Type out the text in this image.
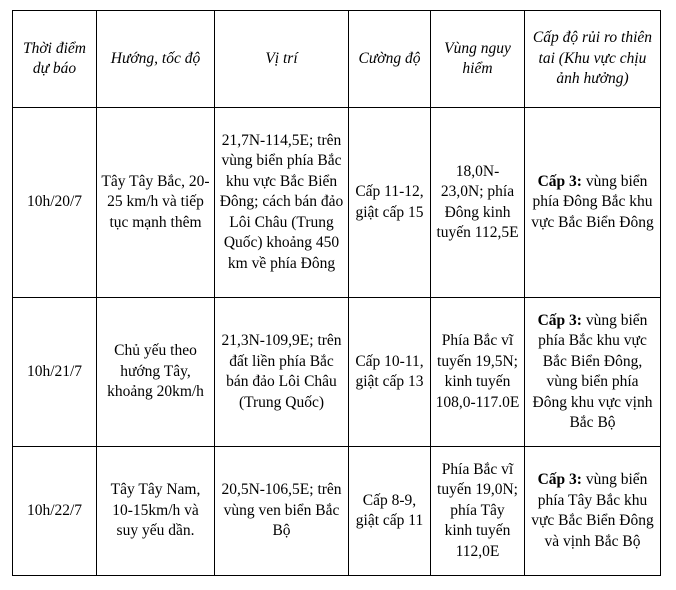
Thời điểm dự báo	Hướng, tốc độ	Vị trí	Cường độ	Vùng nguy hiểm	Cấp độ rủi ro thiên tai (Khu vực chịu ảnh hưởng)
10h/20/7	Tây Tây Bắc, 20-25 km/h và tiếp tục mạnh thêm	21,7N-114,5E; trên vùng biển phía Bắc khu vực Bắc Biển Đông; cách bán đảo Lôi Châu (Trung Quốc) khoảng 450 km về phía Đông	Cấp 11-12, giật cấp 15	18,0N-23,0N; phía Đông kinh tuyến 112,5E	Cấp 3: vùng biển phía Đông Bắc khu vực Bắc Biển Đông
10h/21/7	Chủ yếu theo hướng Tây, khoảng 20km/h	21,3N-109,9E; trên đất liền phía Bắc bán đảo Lôi Châu (Trung Quốc)	Cấp 10-11, giật cấp 13	Phía Bắc vĩ tuyến 19,5N; kinh tuyến 108,0-117.0E	Cấp 3: vùng biển phía Bắc khu vực Bắc Biển Đông, vùng biển phía Đông khu vực vịnh Bắc Bộ
10h/22/7	Tây Tây Nam, 10-15km/h và suy yếu dần.	20,5N-106,5E; trên vùng ven biển Bắc Bộ	Cấp 8-9, giật cấp 11	Phía Bắc vĩ tuyến 19,0N; phía Tây kinh tuyến 112,0E	Cấp 3: vùng biển phía Tây Bắc khu vực Bắc Biển Đông và vịnh Bắc Bộ
